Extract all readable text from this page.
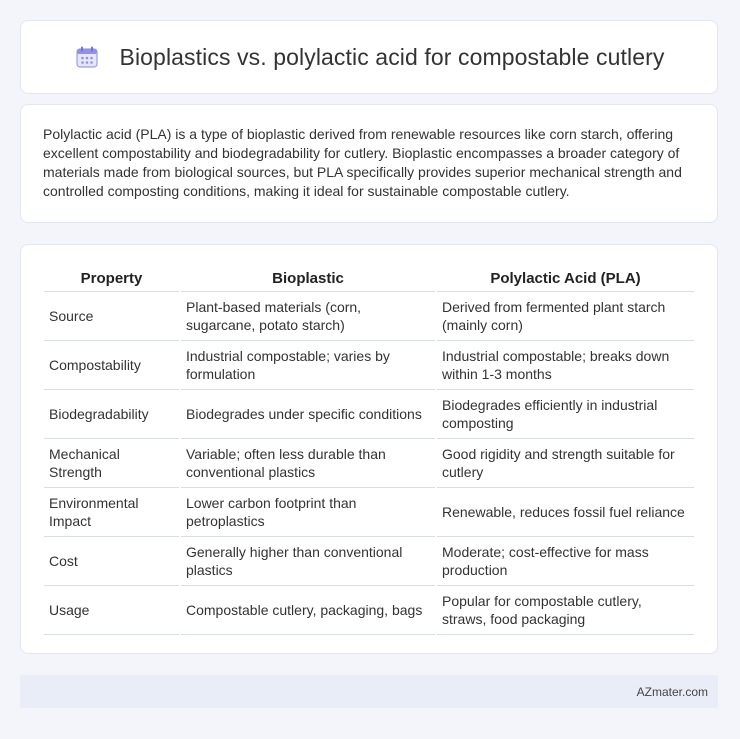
Bioplastics vs. polylactic acid for compostable cutlery

Polylactic acid (PLA) is a type of bioplastic derived from renewable resources like corn starch, offering excellent compostability and biodegradability for cutlery. Bioplastic encompasses a broader category of materials made from biological sources, but PLA specifically provides superior mechanical strength and controlled composting conditions, making it ideal for sustainable compostable cutlery.

Property	Bioplastic	Polylactic Acid (PLA)
Source	Plant-based materials (corn, sugarcane, potato starch)	Derived from fermented plant starch (mainly corn)
Compostability	Industrial compostable; varies by formulation	Industrial compostable; breaks down within 1-3 months
Biodegradability	Biodegrades under specific conditions	Biodegrades efficiently in industrial composting
Mechanical Strength	Variable; often less durable than conventional plastics	Good rigidity and strength suitable for cutlery
Environmental Impact	Lower carbon footprint than petroplastics	Renewable, reduces fossil fuel reliance
Cost	Generally higher than conventional plastics	Moderate; cost-effective for mass production
Usage	Compostable cutlery, packaging, bags	Popular for compostable cutlery, straws, food packaging
AZmater.com
